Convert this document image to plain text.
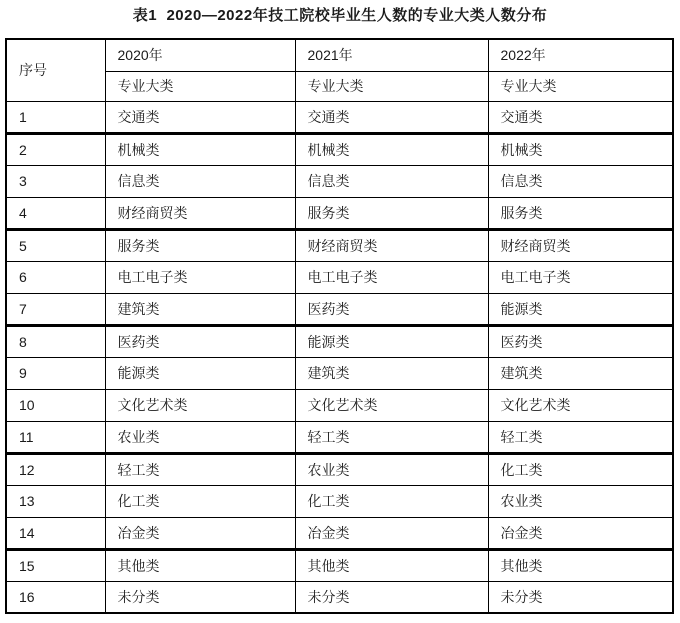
表1  2020—2022年技工院校毕业生人数的专业大类人数分布
序号	2020年	2021年	2022年
	专业大类	专业大类	专业大类
1	交通类	交通类	交通类
2	机械类	机械类	机械类
3	信息类	信息类	信息类
4	财经商贸类	服务类	服务类
5	服务类	财经商贸类	财经商贸类
6	电工电子类	电工电子类	电工电子类
7	建筑类	医药类	能源类
8	医药类	能源类	医药类
9	能源类	建筑类	建筑类
10	文化艺术类	文化艺术类	文化艺术类
11	农业类	轻工类	轻工类
12	轻工类	农业类	化工类
13	化工类	化工类	农业类
14	冶金类	冶金类	冶金类
15	其他类	其他类	其他类
16	未分类	未分类	未分类
